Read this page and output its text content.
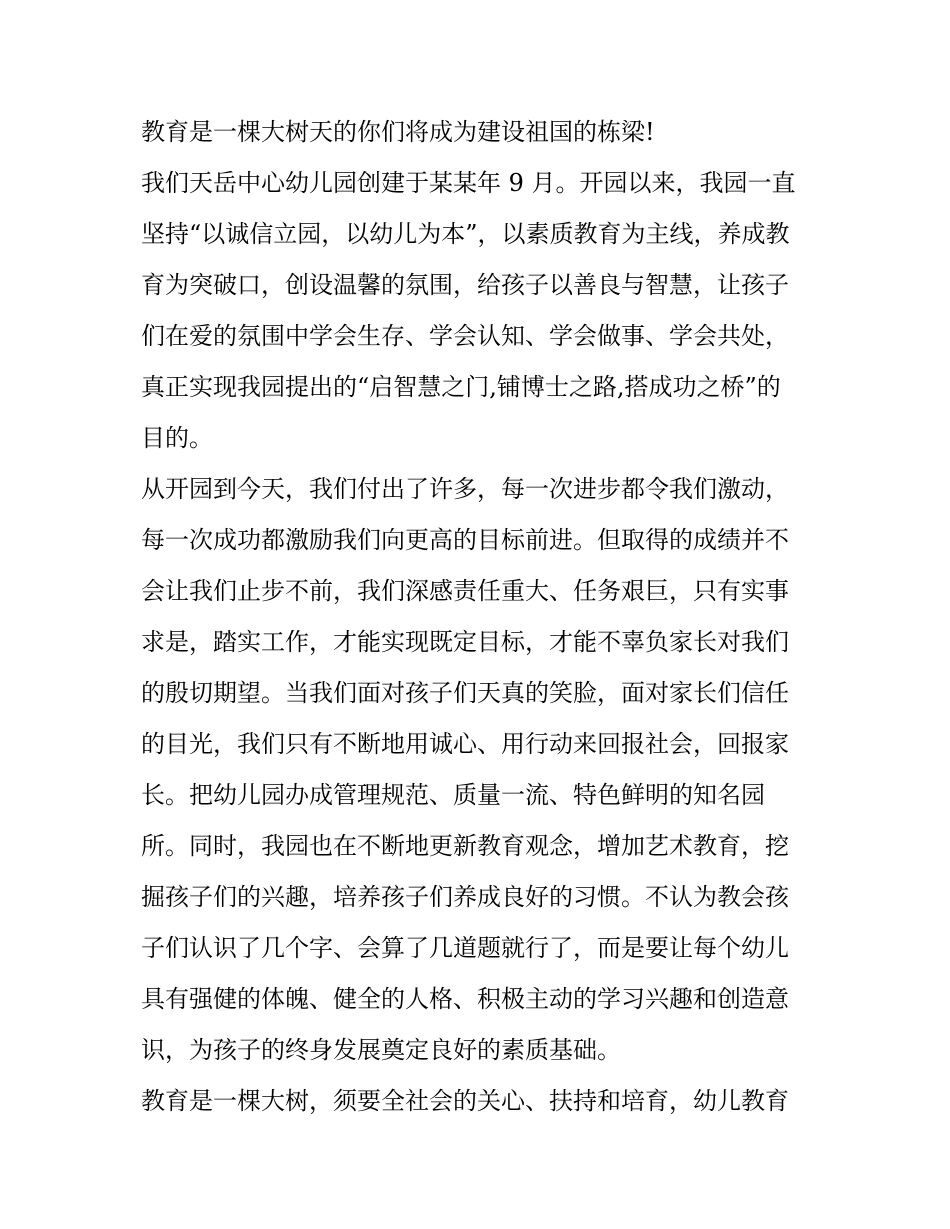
教育是一棵大树天的你们将成为建设祖国的栋梁!
我们天岳中心幼儿园创建于某某年 9 月。开园以来，我园一直
坚持“以诚信立园，以幼儿为本”，以素质教育为主线，养成教
育为突破口，创设温馨的氛围，给孩子以善良与智慧，让孩子
们在爱的氛围中学会生存、学会认知、学会做事、学会共处，
真正实现我园提出的“启智慧之门,铺博士之路,搭成功之桥”的
目的。
从开园到今天，我们付出了许多，每一次进步都令我们激动，
每一次成功都激励我们向更高的目标前进。但取得的成绩并不
会让我们止步不前，我们深感责任重大、任务艰巨，只有实事
求是，踏实工作，才能实现既定目标，才能不辜负家长对我们
的殷切期望。当我们面对孩子们天真的笑脸，面对家长们信任
的目光，我们只有不断地用诚心、用行动来回报社会，回报家
长。把幼儿园办成管理规范、质量一流、特色鲜明的知名园
所。同时，我园也在不断地更新教育观念，增加艺术教育，挖
掘孩子们的兴趣，培养孩子们养成良好的习惯。不认为教会孩
子们认识了几个字、会算了几道题就行了，而是要让每个幼儿
具有强健的体魄、健全的人格、积极主动的学习兴趣和创造意
识，为孩子的终身发展奠定良好的素质基础。
教育是一棵大树，须要全社会的关心、扶持和培育，幼儿教育
